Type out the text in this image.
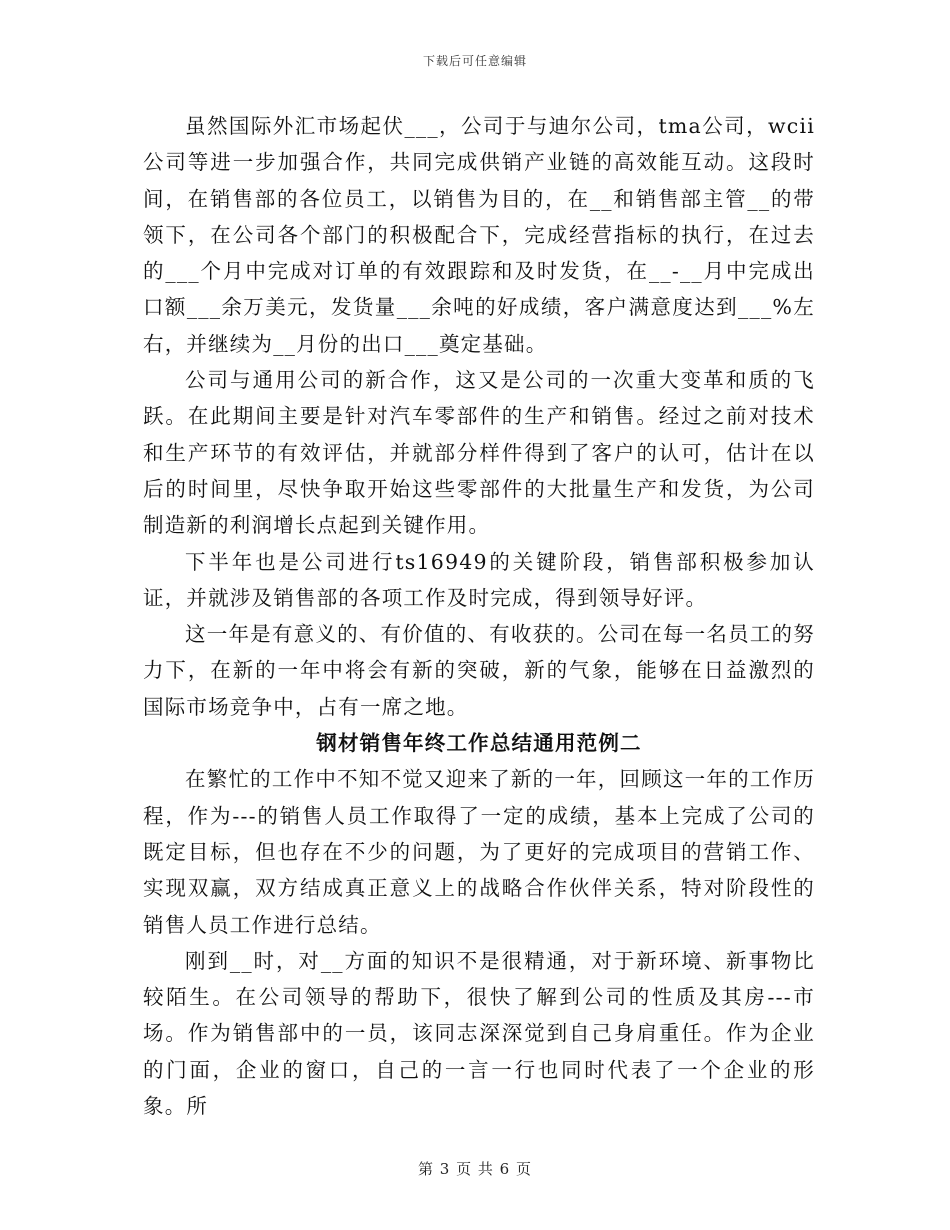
下载后可任意编辑

虽然国际外汇市场起伏___，公司于与迪尔公司，tma公司，wcii公司等进一步加强合作，共同完成供销产业链的高效能互动。这段时间，在销售部的各位员工，以销售为目的，在__和销售部主管__的带领下，在公司各个部门的积极配合下，完成经营指标的执行，在过去的___个月中完成对订单的有效跟踪和及时发货，在__-__月中完成出口额___余万美元，发货量___余吨的好成绩，客户满意度达到___%左右，并继续为__月份的出口___奠定基础。

公司与通用公司的新合作，这又是公司的一次重大变革和质的飞跃。在此期间主要是针对汽车零部件的生产和销售。经过之前对技术和生产环节的有效评估，并就部分样件得到了客户的认可，估计在以后的时间里，尽快争取开始这些零部件的大批量生产和发货，为公司制造新的利润增长点起到关键作用。

下半年也是公司进行ts16949的关键阶段，销售部积极参加认证，并就涉及销售部的各项工作及时完成，得到领导好评。

这一年是有意义的、有价值的、有收获的。公司在每一名员工的努力下，在新的一年中将会有新的突破，新的气象，能够在日益激烈的国际市场竞争中，占有一席之地。

钢材销售年终工作总结通用范例二

在繁忙的工作中不知不觉又迎来了新的一年，回顾这一年的工作历程，作为---的销售人员工作取得了一定的成绩，基本上完成了公司的既定目标，但也存在不少的问题，为了更好的完成项目的营销工作、实现双赢，双方结成真正意义上的战略合作伙伴关系，特对阶段性的销售人员工作进行总结。

刚到__时，对__方面的知识不是很精通，对于新环境、新事物比较陌生。在公司领导的帮助下，很快了解到公司的性质及其房---市场。作为销售部中的一员，该同志深深觉到自己身肩重任。作为企业的门面，企业的窗口，自己的一言一行也同时代表了一个企业的形象。所

第 3 页 共 6 页
